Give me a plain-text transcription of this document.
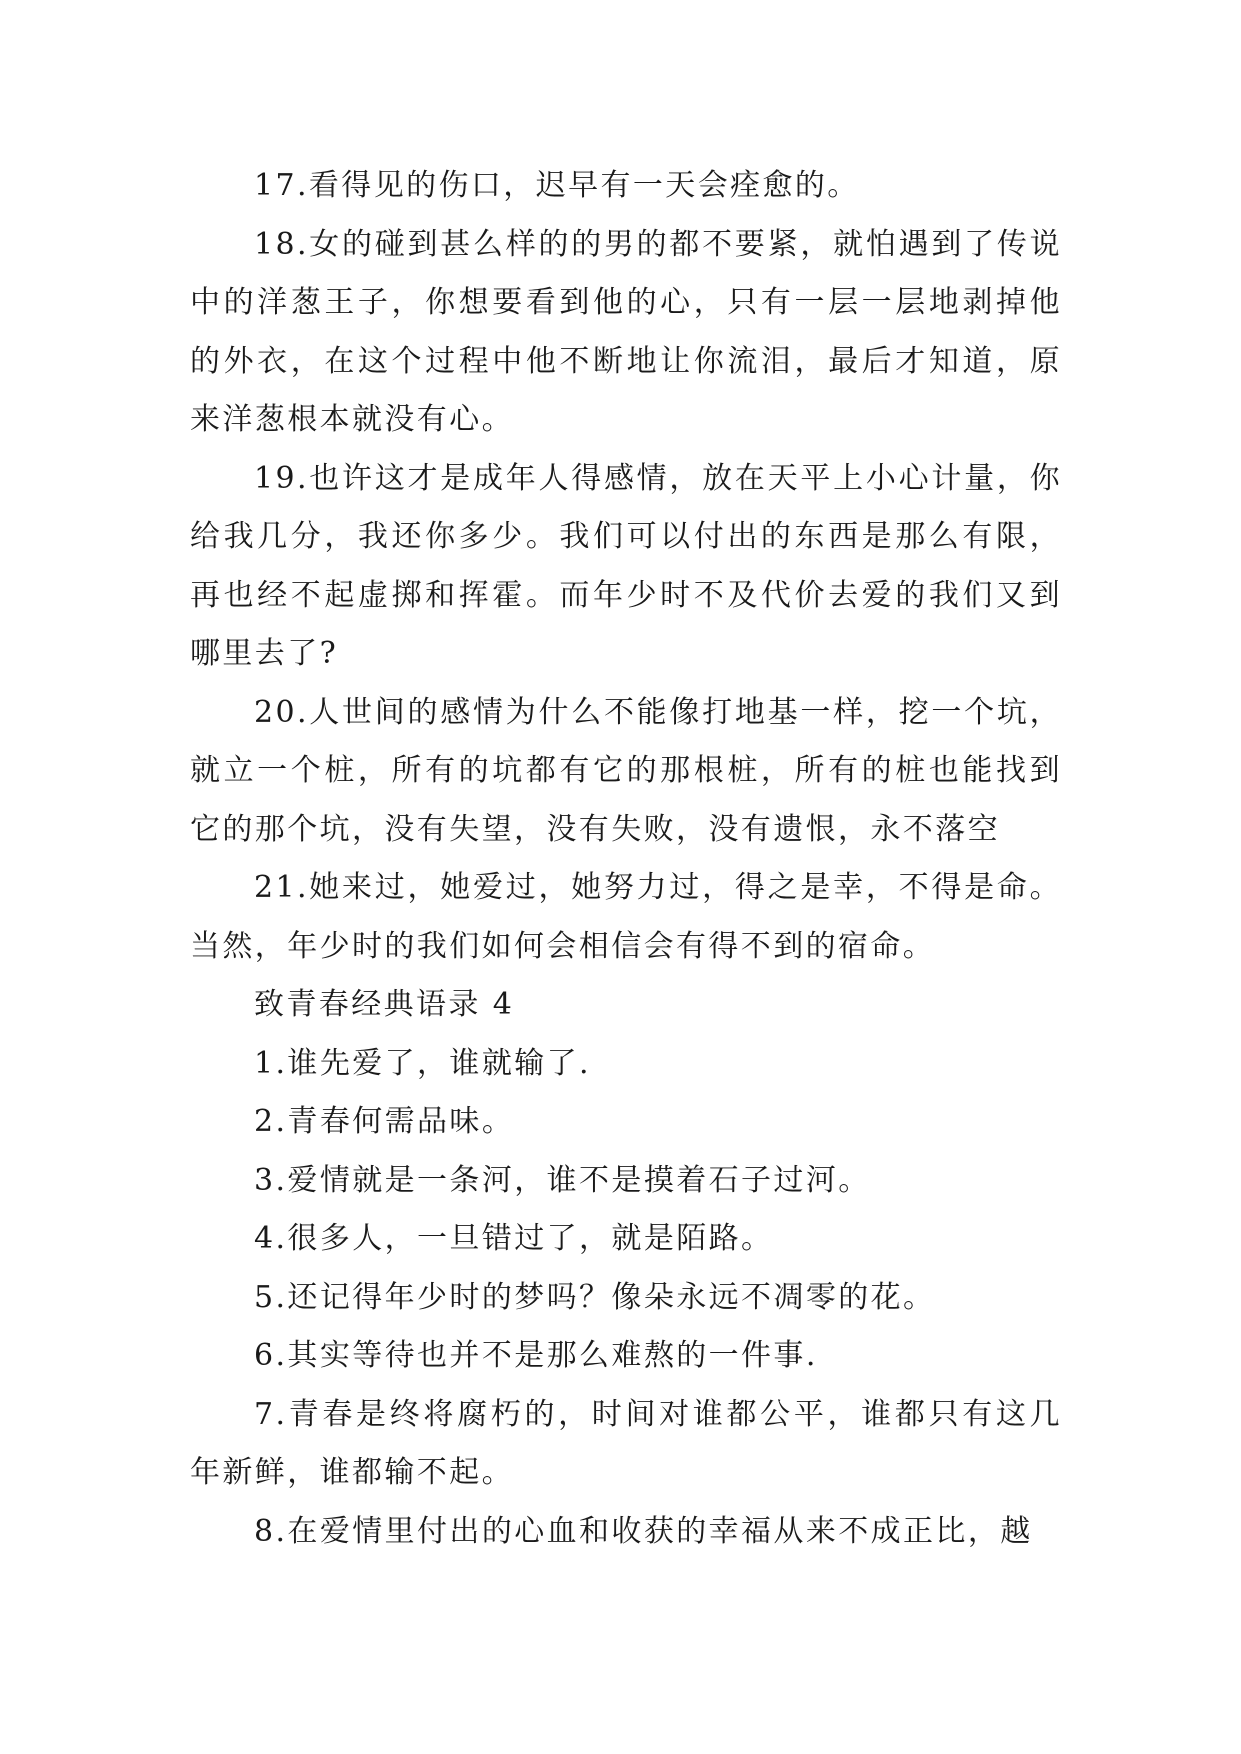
17.看得见的伤口，迟早有一天会痊愈的。

18.女的碰到甚么样的的男的都不要紧，就怕遇到了传说中的洋葱王子，你想要看到他的心，只有一层一层地剥掉他的外衣，在这个过程中他不断地让你流泪，最后才知道，原来洋葱根本就没有心。

19.也许这才是成年人得感情，放在天平上小心计量，你给我几分，我还你多少。我们可以付出的东西是那么有限，再也经不起虚掷和挥霍。而年少时不及代价去爱的我们又到哪里去了?

20.人世间的感情为什么不能像打地基一样，挖一个坑，就立一个桩，所有的坑都有它的那根桩，所有的桩也能找到它的那个坑，没有失望，没有失败，没有遗恨，永不落空

21.她来过，她爱过，她努力过，得之是幸，不得是命。当然，年少时的我们如何会相信会有得不到的宿命。

致青春经典语录 4

1.谁先爱了，谁就输了.

2.青春何需品味。

3.爱情就是一条河，谁不是摸着石子过河。

4.很多人，一旦错过了，就是陌路。

5.还记得年少时的梦吗？像朵永远不凋零的花。

6.其实等待也并不是那么难熬的一件事.

7.青春是终将腐朽的，时间对谁都公平，谁都只有这几年新鲜，谁都输不起。

8.在爱情里付出的心血和收获的幸福从来不成正比，越
